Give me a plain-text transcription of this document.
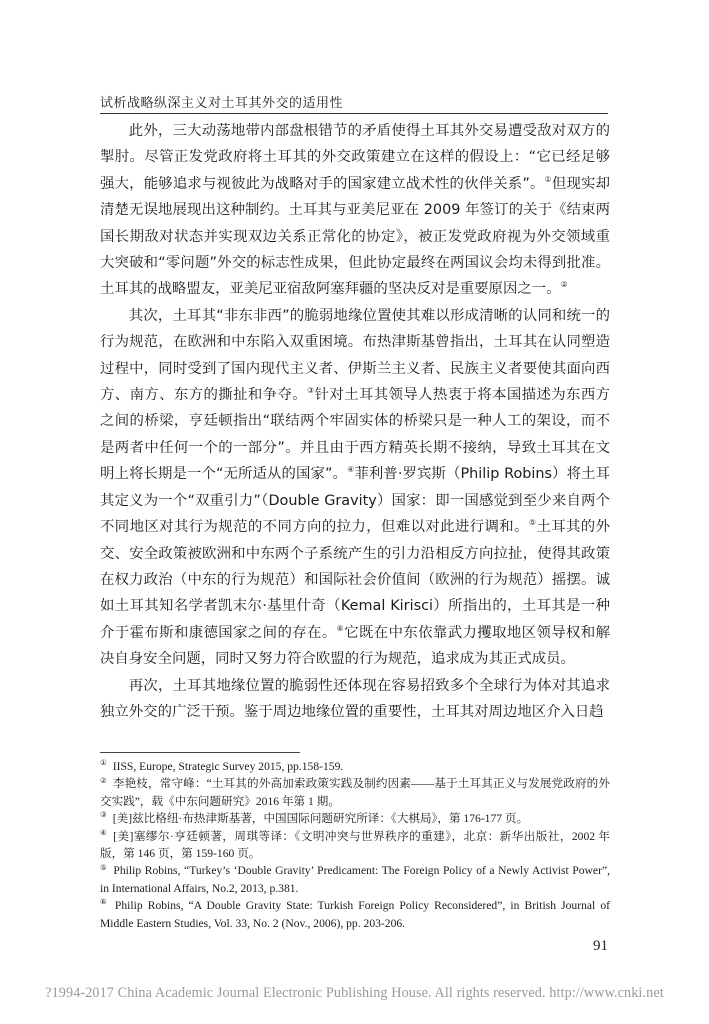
试析战略纵深主义对土耳其外交的适用性

此外，三大动荡地带内部盘根错节的矛盾使得土耳其外交易遭受敌对双方的掣肘。尽管正发党政府将土耳其的外交政策建立在这样的假设上：“它已经足够强大，能够追求与视彼此为战略对手的国家建立战术性的伙伴关系”。①但现实却清楚无误地展现出这种制约。土耳其与亚美尼亚在 2009 年签订的关于《结束两国长期敌对状态并实现双边关系正常化的协定》，被正发党政府视为外交领域重大突破和“零问题”外交的标志性成果，但此协定最终在两国议会均未得到批准。土耳其的战略盟友，亚美尼亚宿敌阿塞拜疆的坚决反对是重要原因之一。②

其次，土耳其“非东非西”的脆弱地缘位置使其难以形成清晰的认同和统一的行为规范，在欧洲和中东陷入双重困境。布热津斯基曾指出，土耳其在认同塑造过程中，同时受到了国内现代主义者、伊斯兰主义者、民族主义者要使其面向西方、南方、东方的撕扯和争夺。③针对土耳其领导人热衷于将本国描述为东西方之间的桥梁，亨廷顿指出“联结两个牢固实体的桥梁只是一种人工的架设，而不是两者中任何一个的一部分”。并且由于西方精英长期不接纳，导致土耳其在文明上将长期是一个“无所适从的国家”。④菲利普·罗宾斯（Philip Robins）将土耳其定义为一个“双重引力”（Double Gravity）国家：即一国感觉到至少来自两个不同地区对其行为规范的不同方向的拉力，但难以对此进行调和。⑤土耳其的外交、安全政策被欧洲和中东两个子系统产生的引力沿相反方向拉扯，使得其政策在权力政治（中东的行为规范）和国际社会价值间（欧洲的行为规范）摇摆。诚如土耳其知名学者凯末尔·基里什奇（Kemal Kirisci）所指出的，土耳其是一种介于霍布斯和康德国家之间的存在。⑥它既在中东依靠武力攫取地区领导权和解决自身安全问题，同时又努力符合欧盟的行为规范，追求成为其正式成员。

再次，土耳其地缘位置的脆弱性还体现在容易招致多个全球行为体对其追求独立外交的广泛干预。鉴于周边地缘位置的重要性，土耳其对周边地区介入日趋

① IISS, Europe, Strategic Survey 2015, pp.158-159.
② 李艳枝，常守峰：“土耳其的外高加索政策实践及制约因素——基于土耳其正义与发展党政府的外交实践”，载《中东问题研究》2016 年第 1 期。
③ [美]兹比格纽·布热津斯基著，中国国际问题研究所译：《大棋局》，第 176-177 页。
④ [美]塞缪尔·亨廷顿著，周琪等译：《文明冲突与世界秩序的重建》，北京：新华出版社，2002 年版，第 146 页，第 159-160 页。
⑤ Philip Robins, “Turkey’s ‘Double Gravity’ Predicament: The Foreign Policy of a Newly Activist Power”, in International Affairs, No.2, 2013, p.381.
⑥ Philip Robins, “A Double Gravity State: Turkish Foreign Policy Reconsidered”, in British Journal of Middle Eastern Studies, Vol. 33, No. 2 (Nov., 2006), pp. 203-206.
91
?1994-2017 China Academic Journal Electronic Publishing House. All rights reserved. http://www.cnki.net
